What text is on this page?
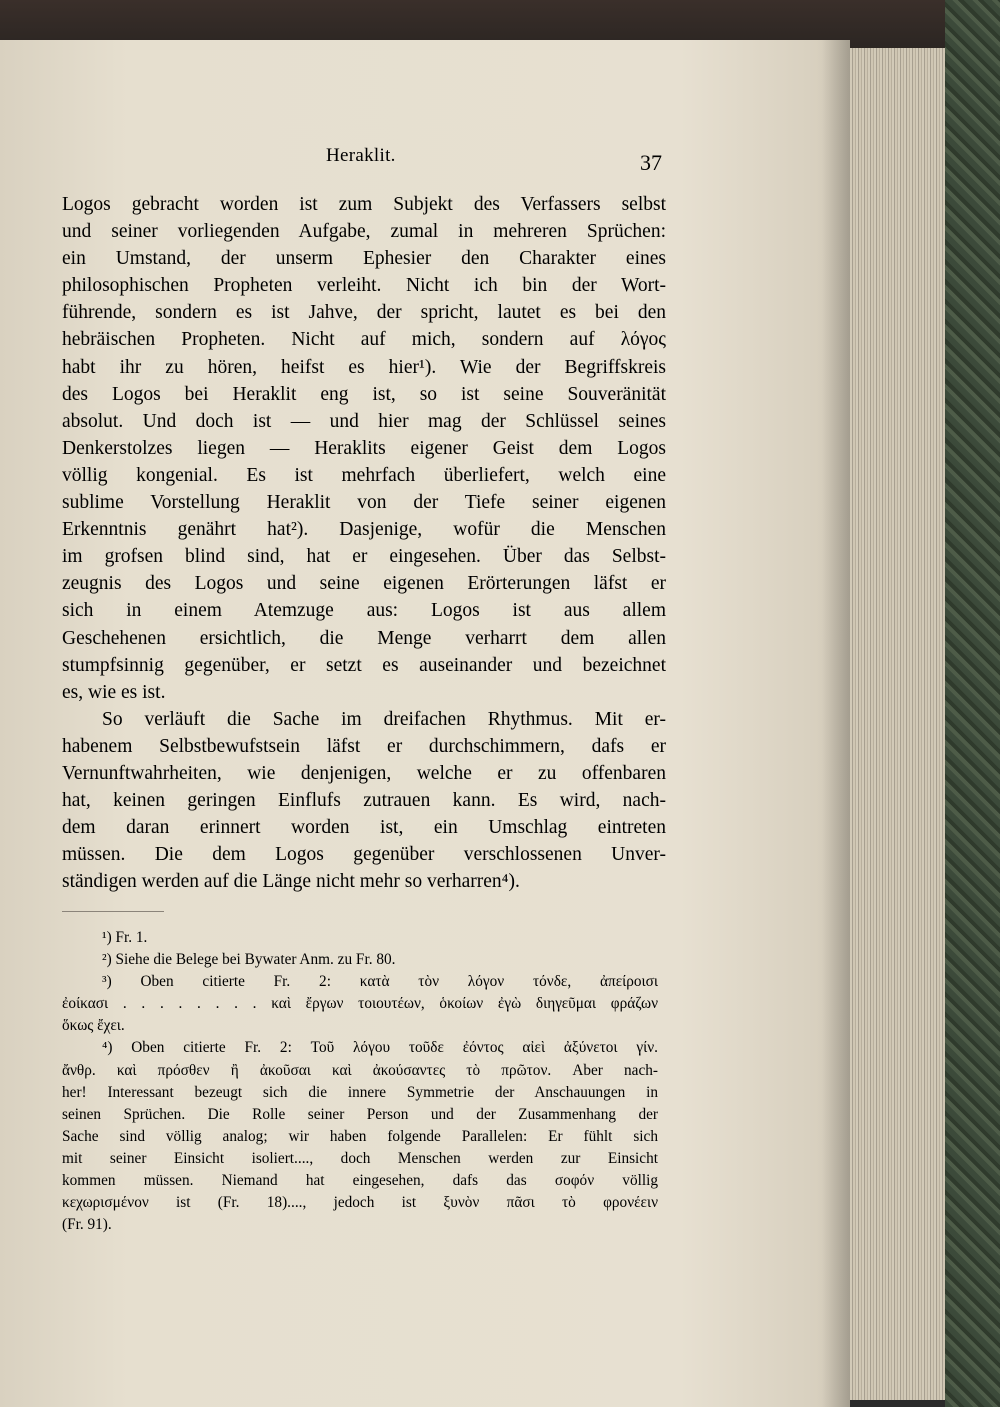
Heraklit.	37
Logos gebracht worden ist zum Subjekt des Verfassers selbst
und seiner vorliegenden Aufgabe, zumal in mehreren Sprüchen:
ein Umstand, der unserm Ephesier den Charakter eines
philosophischen Propheten verleiht. Nicht ich bin der Wort-
führende, sondern es ist Jahve, der spricht, lautet es bei den
hebräischen Propheten. Nicht auf mich, sondern auf λόγος
habt ihr zu hören, heifst es hier¹). Wie der Begriffskreis
des Logos bei Heraklit eng ist, so ist seine Souveränität
absolut. Und doch ist — und hier mag der Schlüssel seines
Denkerstolzes liegen — Heraklits eigener Geist dem Logos
völlig kongenial. Es ist mehrfach überliefert, welch eine
sublime Vorstellung Heraklit von der Tiefe seiner eigenen
Erkenntnis genährt hat²). Dasjenige, wofür die Menschen
im grofsen blind sind, hat er eingesehen. Über das Selbst-
zeugnis des Logos und seine eigenen Erörterungen läfst er
sich in einem Atemzuge aus: Logos ist aus allem
Geschehenen ersichtlich, die Menge verharrt dem allen
stumpfsinnig gegenüber, er setzt es auseinander und bezeichnet
es, wie es ist.
So verläuft die Sache im dreifachen Rhythmus. Mit er-
habenem Selbstbewufstsein läfst er durchschimmern, dafs er
Vernunftwahrheiten, wie denjenigen, welche er zu offenbaren
hat, keinen geringen Einflufs zutrauen kann. Es wird, nach-
dem daran erinnert worden ist, ein Umschlag eintreten
müssen. Die dem Logos gegenüber verschlossenen Unver-
ständigen werden auf die Länge nicht mehr so verharren⁴).
¹) Fr. 1.
²) Siehe die Belege bei Bywater Anm. zu Fr. 80.
³) Oben citierte Fr. 2: κατὰ τὸν λόγον τόνδε, ἀπείροισι
ἐοίκασι . . . . . . . . καὶ ἔργων τοιουτέων, ὁκοίων ἐγὼ διηγεῦμαι φράζων
ὅκως ἔχει.
⁴) Oben citierte Fr. 2: Τοῦ λόγου τοῦδε ἐόντος αἰεὶ ἀξύνετοι γίν.
ἄνθρ. καὶ πρόσθεν ἢ ἀκοῦσαι καὶ ἀκούσαντες τὸ πρῶτον. Aber nach-
her! Interessant bezeugt sich die innere Symmetrie der Anschauungen in
seinen Sprüchen. Die Rolle seiner Person und der Zusammenhang der
Sache sind völlig analog; wir haben folgende Parallelen: Er fühlt sich
mit seiner Einsicht isoliert...., doch Menschen werden zur Einsicht
kommen müssen. Niemand hat eingesehen, dafs das σοφόν völlig
κεχωρισμένον ist (Fr. 18)...., jedoch ist ξυνὸν πᾶσι τὸ φρονέειν
(Fr. 91).
